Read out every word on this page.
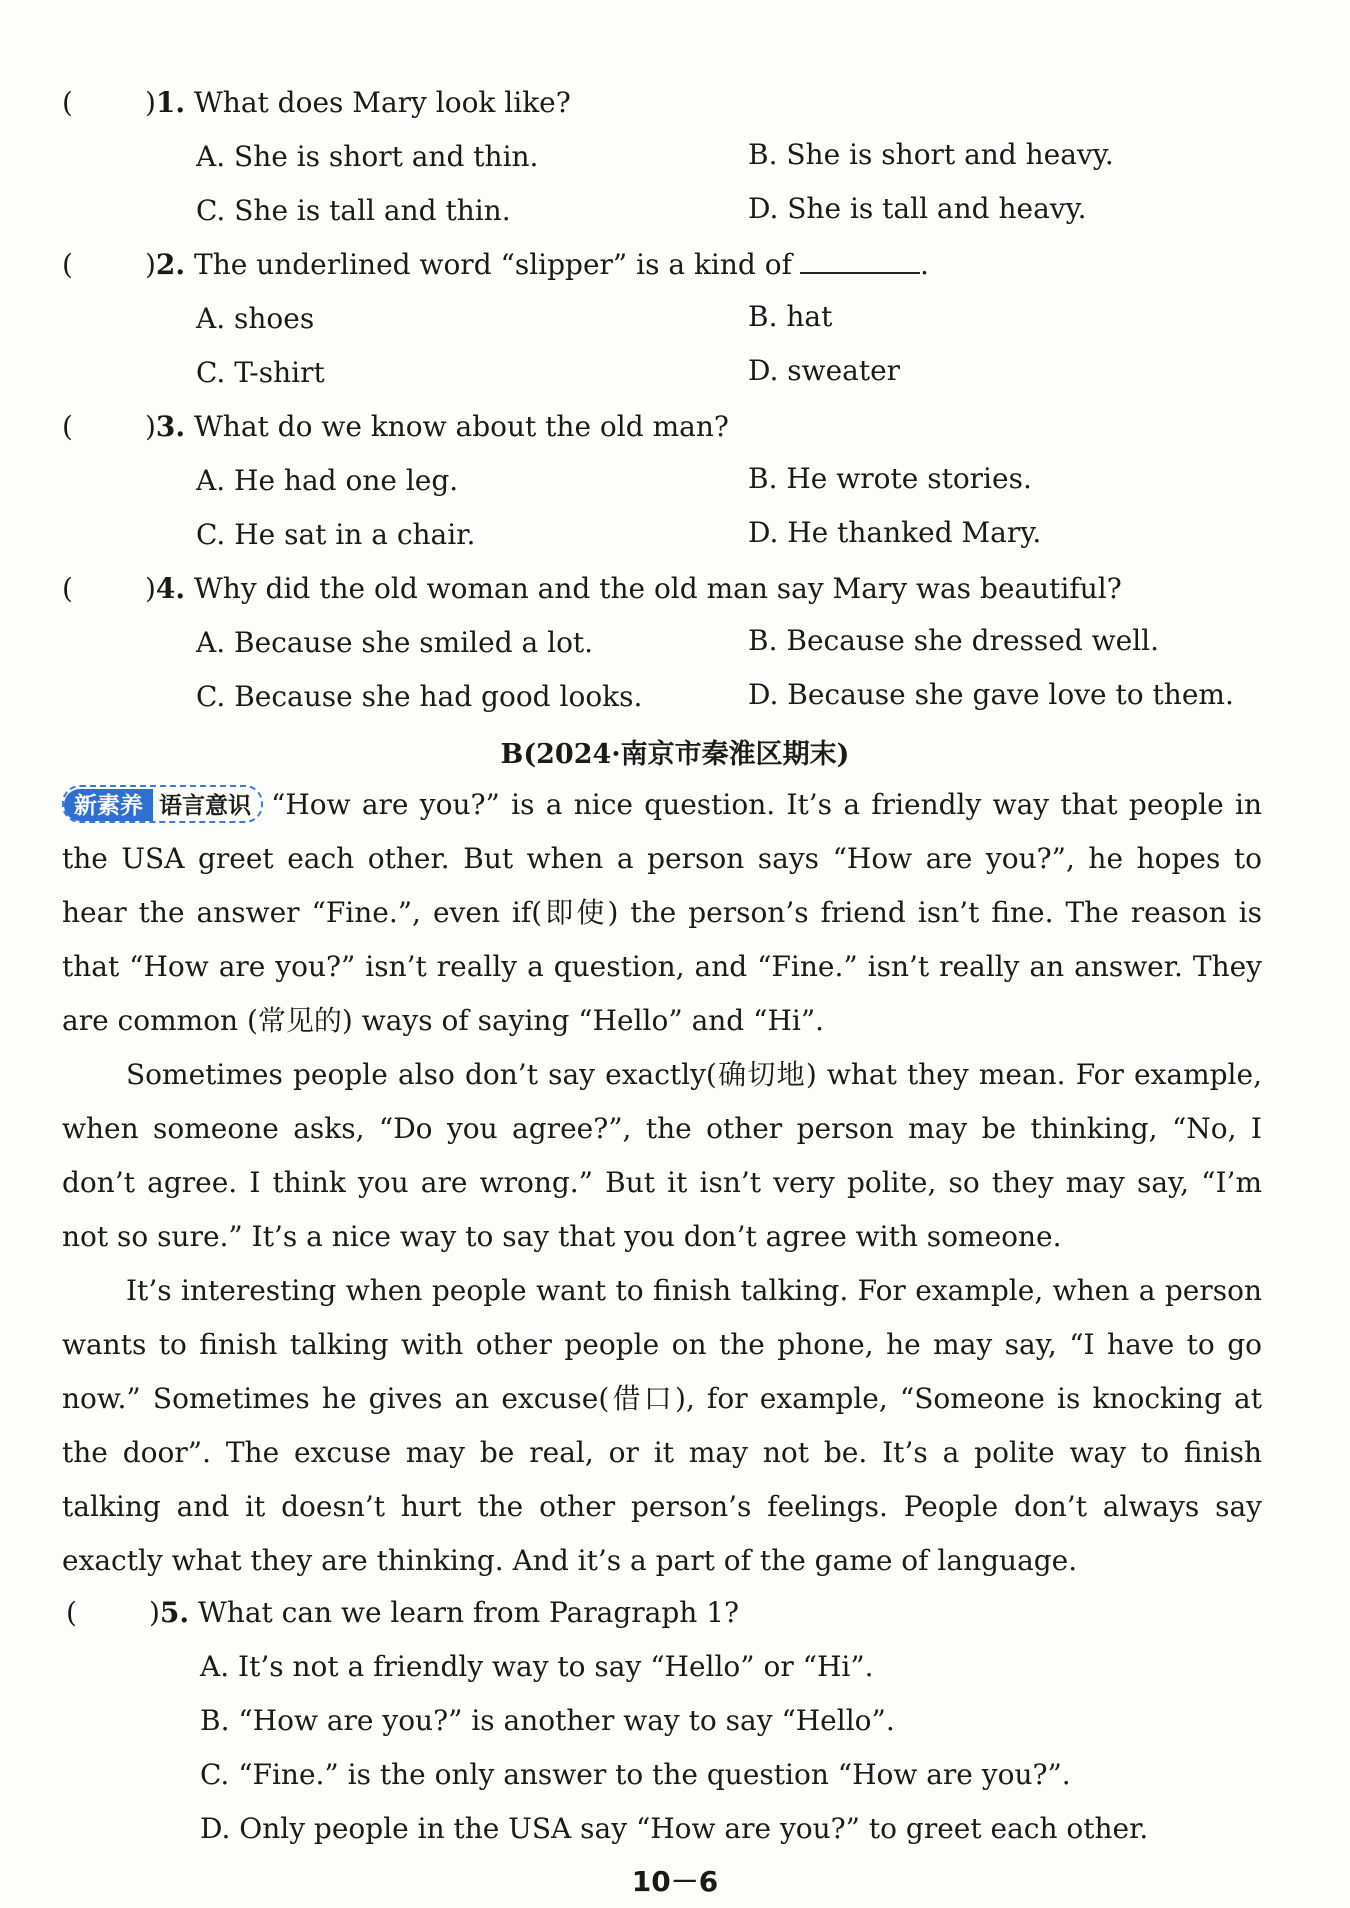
(	)1. What does Mary look like?
A. She is short and thin.	B. She is short and heavy.
C. She is tall and thin.	D. She is tall and heavy.
(	)2. The underlined word “slipper” is a kind of	.
A. shoes	B. hat
C. T-shirt	D. sweater
(	)3. What do we know about the old man?
A. He had one leg.	B. He wrote stories.
C. He sat in a chair.	D. He thanked Mary.
(	)4. Why did the old woman and the old man say Mary was beautiful?
A. Because she smiled a lot.	B. Because she dressed well.
C. Because she had good looks.	D. Because she gave love to them.
B(2024·南京市秦淮区期末)
新素养 语言意识 “How are you?” is a nice question. It’s a friendly way that people in the USA greet each other. But when a person says “How are you?”, he hopes to hear the answer “Fine.”, even if(即使) the person’s friend isn’t fine. The reason is that “How are you?” isn’t really a question, and “Fine.” isn’t really an answer. They are common (常见的) ways of saying “Hello” and “Hi”.
Sometimes people also don’t say exactly(确切地) what they mean. For example, when someone asks, “Do you agree?”, the other person may be thinking, “No, I don’t agree. I think you are wrong.” But it isn’t very polite, so they may say, “I’m not so sure.” It’s a nice way to say that you don’t agree with someone.
It’s interesting when people want to finish talking. For example, when a person wants to finish talking with other people on the phone, he may say, “I have to go now.” Sometimes he gives an excuse(借口), for example, “Someone is knocking at the door”. The excuse may be real, or it may not be. It’s a polite way to finish talking and it doesn’t hurt the other person’s feelings. People don’t always say exactly what they are thinking. And it’s a part of the game of language.
(	)5. What can we learn from Paragraph 1?
A. It’s not a friendly way to say “Hello” or “Hi”.
B. “How are you?” is another way to say “Hello”.
C. “Fine.” is the only answer to the question “How are you?”.
D. Only people in the USA say “How are you?” to greet each other.
10－6
